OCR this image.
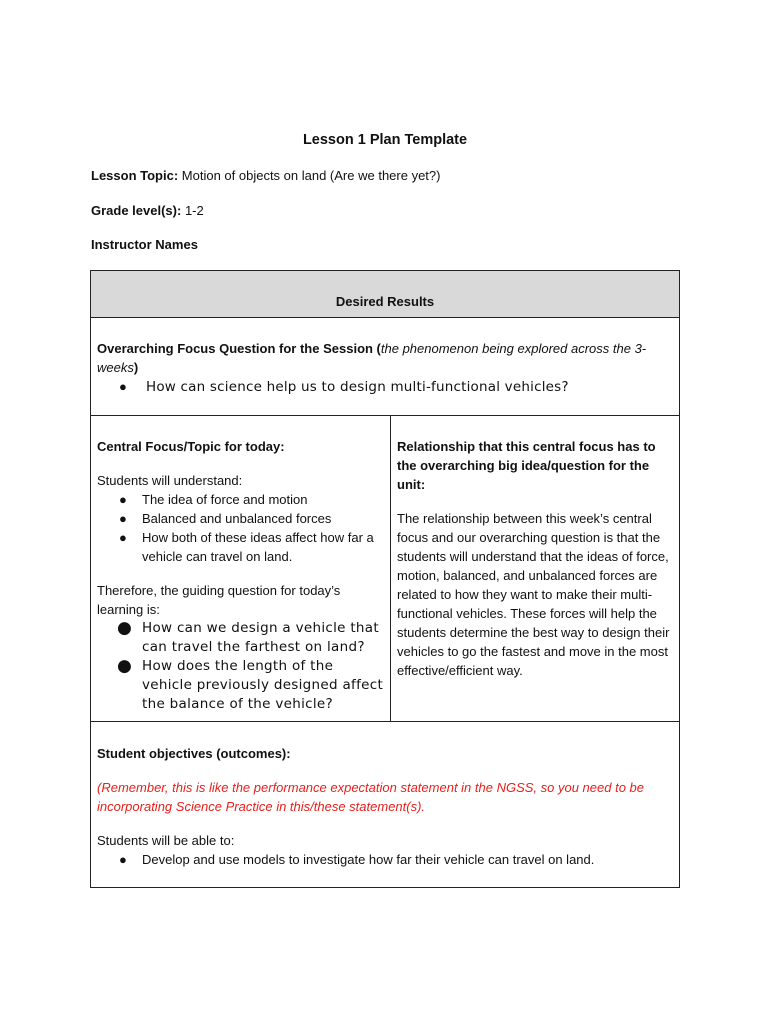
Lesson 1 Plan Template
Lesson Topic: Motion of objects on land (Are we there yet?)
Grade level(s): 1-2
Instructor Names
Desired Results
Overarching Focus Question for the Session (the phenomenon being explored across the 3-weeks)
● How can science help us to design multi-functional vehicles?
Central Focus/Topic for today:
Students will understand:
● The idea of force and motion
● Balanced and unbalanced forces
● How both of these ideas affect how far a vehicle can travel on land.
Therefore, the guiding question for today’s learning is:
● How can we design a vehicle that can travel the farthest on land?
● How does the length of the vehicle previously designed affect the balance of the vehicle?
Relationship that this central focus has to the overarching big idea/question for the unit:
The relationship between this week’s central focus and our overarching question is that the students will understand that the ideas of force, motion, balanced, and unbalanced forces are related to how they want to make their multi-functional vehicles. These forces will help the students determine the best way to design their vehicles to go the fastest and move in the most effective/efficient way.
Student objectives (outcomes):
(Remember, this is like the performance expectation statement in the NGSS, so you need to be incorporating Science Practice in this/these statement(s).
Students will be able to:
● Develop and use models to investigate how far their vehicle can travel on land.
